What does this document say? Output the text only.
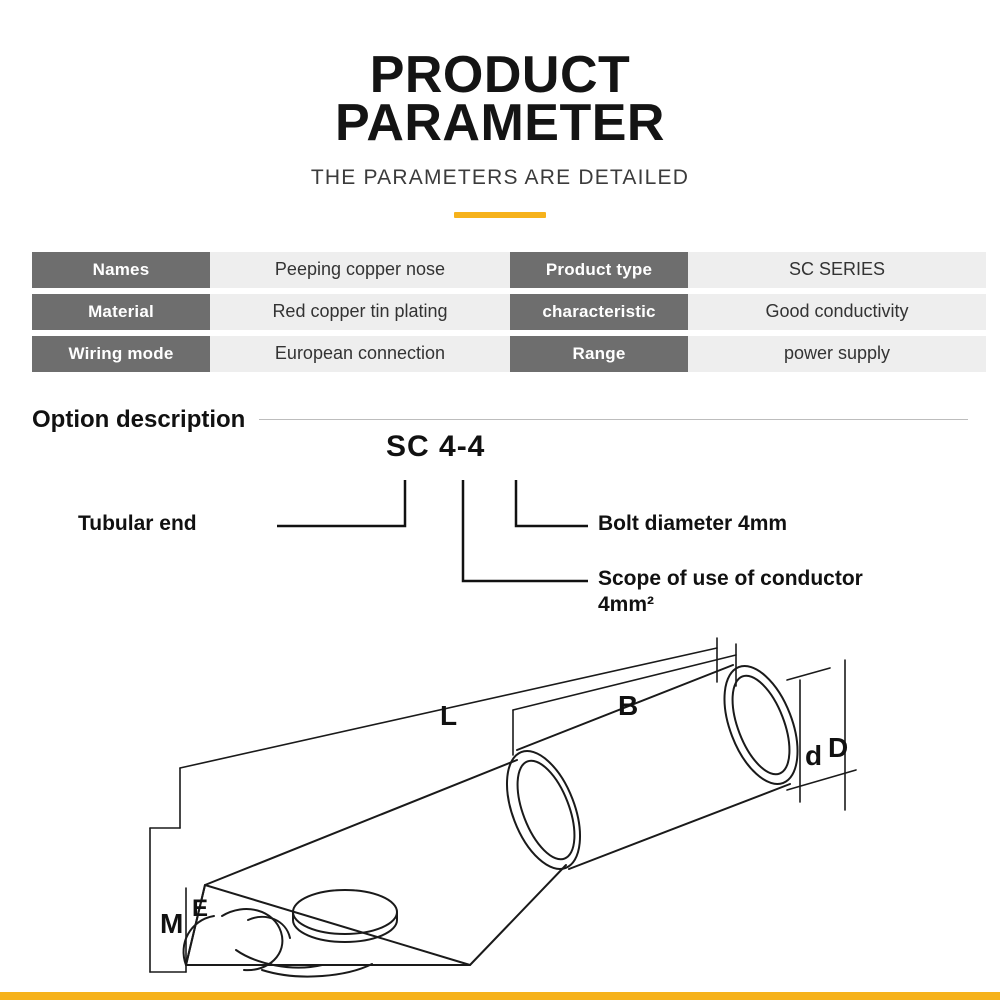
PRODUCT
PARAMETER
THE PARAMETERS ARE DETAILED
Names	Peeping copper nose	Product type	SC SERIES
Material	Red copper tin plating	characteristic	Good conductivity
Wiring mode	European connection	Range	power supply
Option description
SC 4-4
Tubular end	Bolt diameter 4mm
Scope of use of conductor
4mm²
L	B
d D
M E
